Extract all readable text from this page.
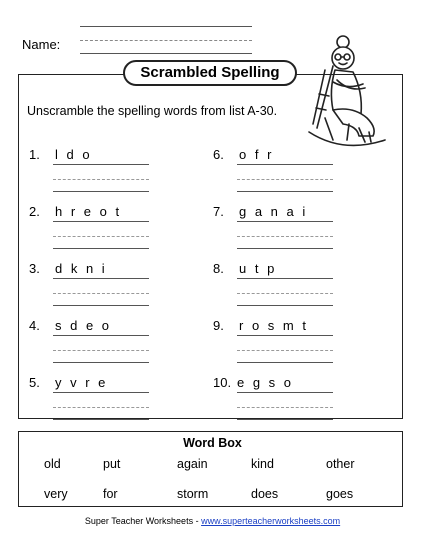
Name:
Scrambled Spelling
Unscramble the spelling words from list A-30.
1. l d o
2. h r e o t
3. d k n i
4. s d e o
5. y v r e
6. o f r
7. g a n a i
8. u t p
9. r o s m t
10. e g s o
Word Box
old	put	again	kind	other
very	for	storm	does	goes
Super Teacher Worksheets - www.superteacherworksheets.com
